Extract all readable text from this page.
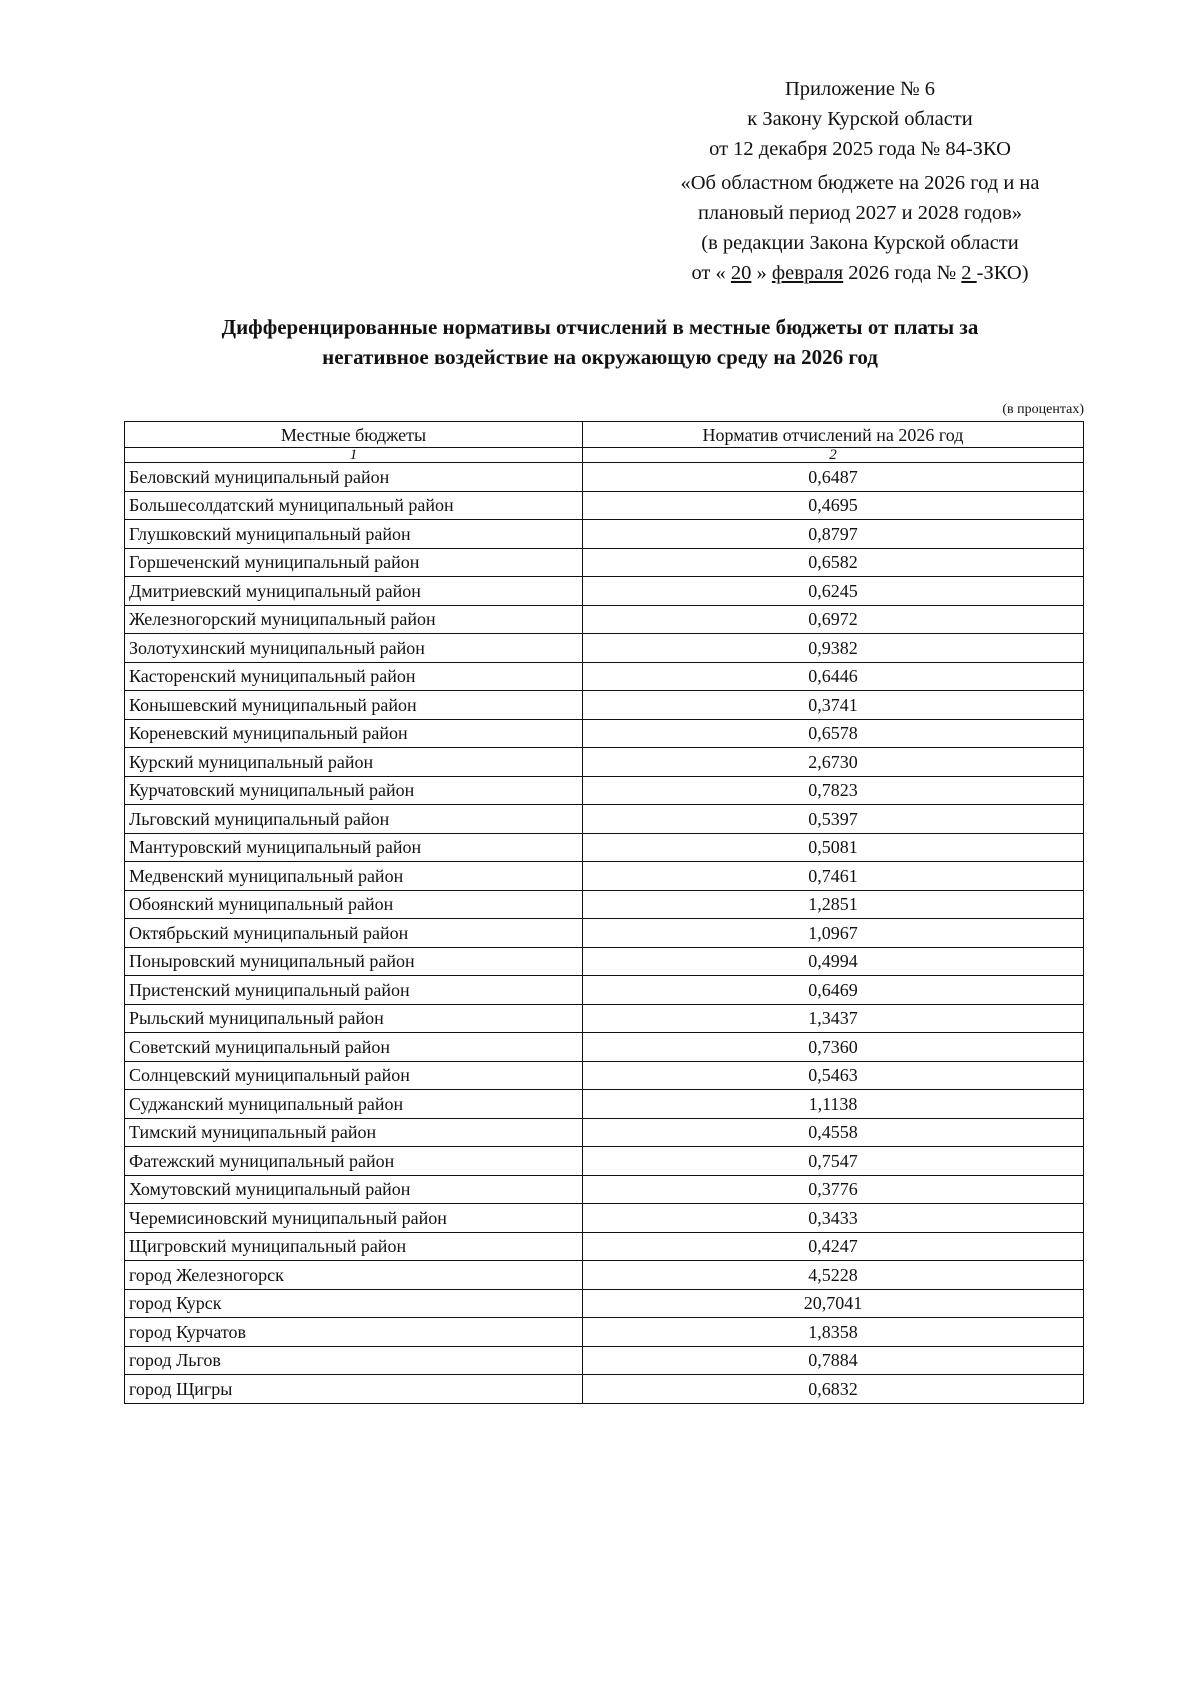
Приложение № 6
к Закону Курской области
от 12 декабря 2025 года № 84-ЗКО
«Об областном бюджете на 2026 год и на
плановый период 2027 и 2028 годов»
(в редакции Закона Курской области
от « 20 » февраля 2026 года № 2 -ЗКО)
Дифференцированные нормативы отчислений в местные бюджеты от платы за
негативное воздействие на окружающую среду на 2026 год
(в процентах)
Местные бюджеты	Норматив отчислений на 2026 год
1	2
Беловский муниципальный район	0,6487
Большесолдатский муниципальный район	0,4695
Глушковский муниципальный район	0,8797
Горшеченский муниципальный район	0,6582
Дмитриевский муниципальный район	0,6245
Железногорский муниципальный район	0,6972
Золотухинский муниципальный район	0,9382
Касторенский муниципальный район	0,6446
Конышевский муниципальный район	0,3741
Кореневский муниципальный район	0,6578
Курский муниципальный район	2,6730
Курчатовский муниципальный район	0,7823
Льговский муниципальный район	0,5397
Мантуровский муниципальный район	0,5081
Медвенский муниципальный район	0,7461
Обоянский муниципальный район	1,2851
Октябрьский муниципальный район	1,0967
Поныровский муниципальный район	0,4994
Пристенский муниципальный район	0,6469
Рыльский муниципальный район	1,3437
Советский муниципальный район	0,7360
Солнцевский муниципальный район	0,5463
Суджанский муниципальный район	1,1138
Тимский муниципальный район	0,4558
Фатежский муниципальный район	0,7547
Хомутовский муниципальный район	0,3776
Черемисиновский муниципальный район	0,3433
Щигровский муниципальный район	0,4247
город Железногорск	4,5228
город Курск	20,7041
город Курчатов	1,8358
город Льгов	0,7884
город Щигры	0,6832
